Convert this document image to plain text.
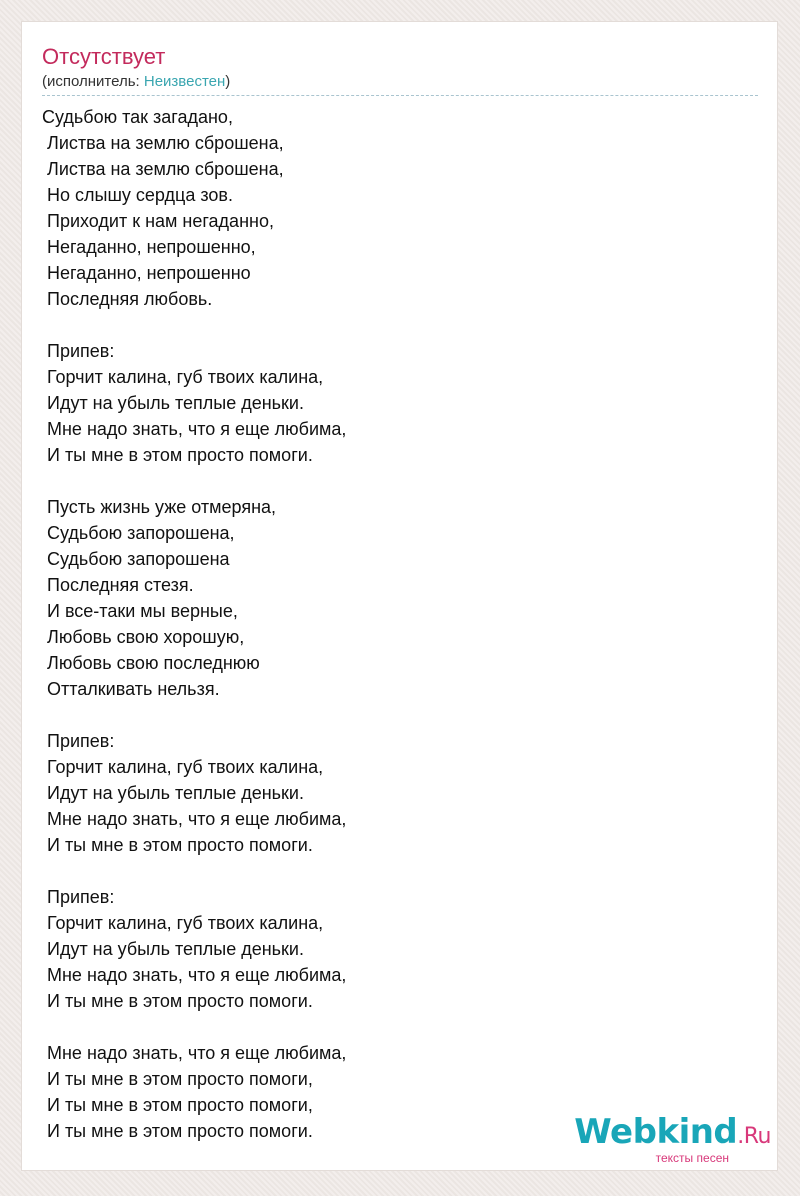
Отсутствует
(исполнитель: Неизвестен)
Судьбою так загадано,
Листва на землю сброшена,
Листва на землю сброшена,
Но слышу сердца зов.
Приходит к нам негаданно,
Негаданно, непрошенно,
Негаданно, непрошенно
Последняя любовь.
Припев:
Горчит калина, губ твоих калина,
Идут на убыль теплые деньки.
Мне надо знать, что я еще любима,
И ты мне в этом просто помоги.
Пусть жизнь уже отмеряна,
Судьбою запорошена,
Судьбою запорошена
Последняя стезя.
И все-таки мы верные,
Любовь свою хорошую,
Любовь свою последнюю
Отталкивать нельзя.
Припев:
Горчит калина, губ твоих калина,
Идут на убыль теплые деньки.
Мне надо знать, что я еще любима,
И ты мне в этом просто помоги.
Припев:
Горчит калина, губ твоих калина,
Идут на убыль теплые деньки.
Мне надо знать, что я еще любима,
И ты мне в этом просто помоги.
Мне надо знать, что я еще любима,
И ты мне в этом просто помоги,
И ты мне в этом просто помоги,
И ты мне в этом просто помоги.	Webkind.Ru
тексты песен
